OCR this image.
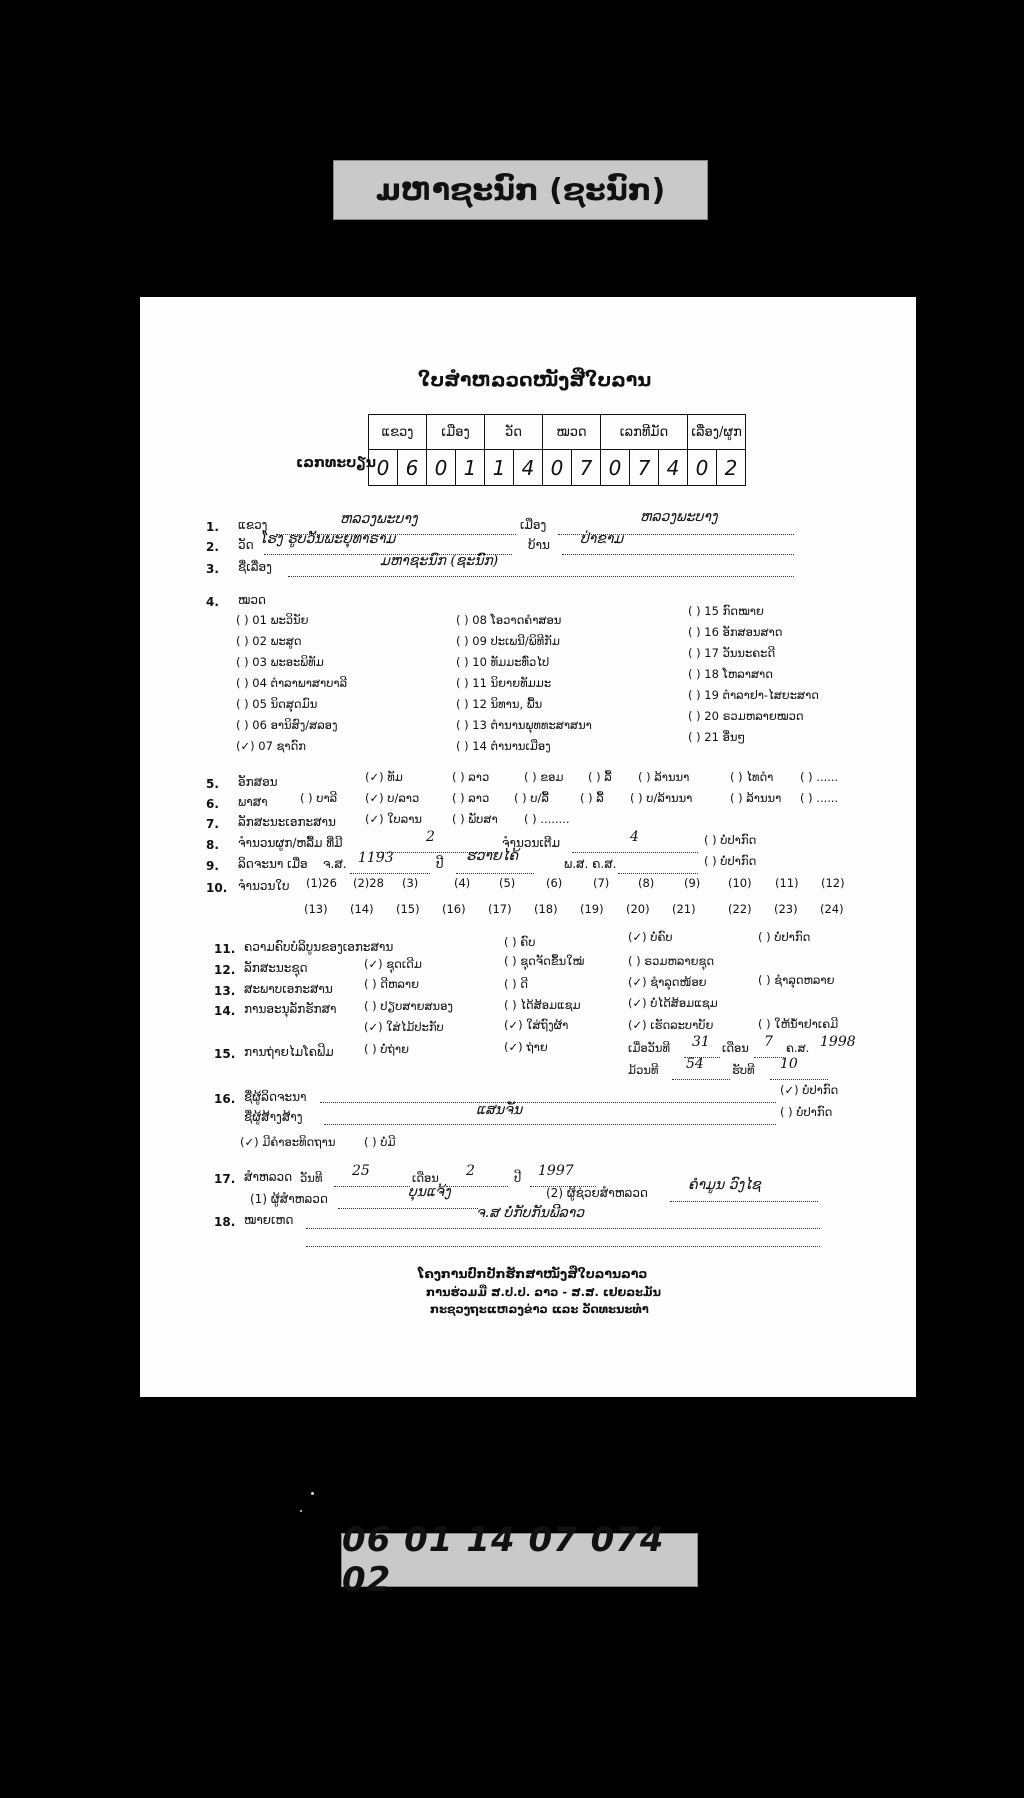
ມຫາຊະນົກ (ຊະນົກ)
ໃບສຳຫລວດໜັງສືໃບລານ
ເລກທະບຽນ
ແຂວງ		ເມືອງ		ວັດ		ໝວດ		ເລກທີມັດ			ເລື່ອງ/ຜູກ	
0	6	0	1	1	4	0	7	0	7	4	0	2
1. ແຂວງ	ຫລວງພະບາງ	ເມືອງ	ຫລວງພະບາງ
2. ວັດ ໂຮງ ຮູບວັນພະຍຸທາຣາມ	ບ້ານ ປ່າຂາມ
3. ຊື່ເລື່ອງ	ມຫາຊະນົກ (ຊະນົກ)
4. ໝວດ
( ) 01 ພະວິນັຍ
( ) 02 ພະສູດ
( ) 03 ພະອະພິທັມ
( ) 04 ຕຳລາພາສາບາລີ
( ) 05 ນິດສຸດມົນ
( ) 06 ອານິສົງ/ສລອງ
(✓) 07 ຊາດົກ
( ) 08 ໂອວາດຄຳສອນ
( ) 09 ປະເພນີ/ພິທີກັມ
( ) 10 ທັມມະທົ່ວໄປ
( ) 11 ນິຍາຍທັມມະ
( ) 12 ນິທານ, ພື້ນ
( ) 13 ຕຳນານພຸທທະສາສນາ
( ) 14 ຕຳນານເມືອງ
( ) 15 ກົດໝາຍ
( ) 16 ອັກສອນສາດ
( ) 17 ວັນນະຄະດີ
( ) 18 ໂຫລາສາດ
( ) 19 ຕຳລາຢາ-ໄສຍະສາດ
( ) 20 ຣວມຫລາຍໝວດ
( ) 21 ອື່ນໆ
5. ອັກສອນ	(✓) ທັມ	( ) ລາວ	( ) ຂອມ ( ) ລື້ ( ) ລ້ານນາ	( ) ໄທດຳ ( ) ......
6. ພາສາ	( ) ບາລີ (✓) ບ/ລາວ	( ) ລາວ ( ) ບ/ລື້	( ) ລື້ ( ) ບ/ລ້ານນາ	( ) ລ້ານນາ ( ) ......
7. ລັກສະນະເອກະສານ	(✓) ໃບລານ	( ) ພັບສາ ( ) ........
8. ຈຳນວນຜູກ/ຫລື້ມ ທີ່ມີ	2	ຈຳນວນເຕີມ	4	( ) ບໍ່ປາກົດ
9. ລິດຈະນາ ເມື່ອ ຈ.ສ. 1193	ປີ ຮວາຍໄຄ້	ພ.ສ. ຄ.ສ.	( ) ບໍ່ປາກົດ
10. ຈຳນວນໃບ (1)26 (2)28 (3)	(4) (5)	(6)	(7) (8)	(9) (10) (11) (12)
(13) (14) (15) (16) (17) (18) (19) (20) (21)	(22) (23) (24)
11. ຄວາມຄົບບໍລິບູນຂອງເອກະສານ	( ) ຄົບ	(✓) ບໍ່ຄົບ	( ) ບໍ່ປາກົດ
12. ລັກສະນະຊຸດ	(✓) ຊຸດເດີມ	( ) ຊຸດຈັດຂຶ້ນໃໝ່	( ) ຣວມຫລາຍຊຸດ
13. ສະພາບເອກະສານ	( ) ດີຫລາຍ	( ) ດີ	(✓) ຊຳລຸດໜ້ອຍ	( ) ຊຳລຸດຫລາຍ
14. ການອະນຸລັກຮັກສາ ( ) ປຽບສາຍສນອງ	( ) ໄດ້ສ້ອມແຊມ	(✓) ບໍ່ໄດ້ສ້ອມແຊມ
(✓) ໃສ່ໄມ້ປະກັບ	(✓) ໃສ່ຖົງຜ້າ	(✓) ເຮັດລະບາບັຍ	( ) ໃຫ້ນ້ຳຢາເຄມີ
15. ການຖ່າຍໄມໂຄຟິມ	( ) ບໍ່ຖ່າຍ	(✓) ຖ່າຍ	ເມື່ອວັນທີ 31 ເດືອນ 7 ຄ.ສ. 1998
ມ້ວນທີ 54 ຮັບທີ 10
16. ຊື່ຜູ້ລິດຈະນາ	(✓) ບໍ່ປາກົດ
ຊື່ຜູ້ສ້າງສ້າງ	ແສນຈັນ	( ) ບໍ່ປາກົດ
(✓) ມີຄຳອະທິດຖານ ( ) ບໍ່ມີ
17. ສຳຫລວດ ວັນທີ 25	ເດືອນ 2	ປີ 1997
(1) ຜູ້ສຳຫລວດ	ບຸນແຈ້ງ	(2) ຜູ້ຊ່ວຍສຳຫລວດ	ຄຳມູນ ວົງໄຊ
18. ໝາຍເຫດ	ຈ.ສ ບໍ່ກັບກັນພີລາວ
ໂຄງການປົກປັກຮັກສາໜັງສືໃບລານລາວ
ການຮ່ວມມື ສ.ປ.ປ. ລາວ - ສ.ສ. ເຢຍລະມັນ
ກະຊວງຖະແຫລງຂ່າວ ແລະ ວັດທະນະທຳ
06 01 14 07 074 02
